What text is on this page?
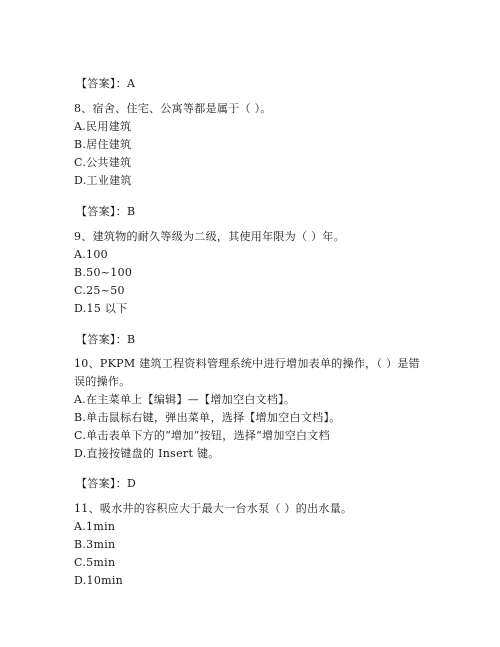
【答案】：A
8、宿舍、住宅、公寓等都是属于（ ）。
A.民用建筑
B.居住建筑
C.公共建筑
D.工业建筑
【答案】：B
9、建筑物的耐久等级为二级，其使用年限为（ ）年。
A.100
B.50~100
C.25~50
D.15 以下
【答案】：B
10、PKPM 建筑工程资料管理系统中进行增加表单的操作，（ ）是错
误的操作。
A.在主菜单上【编辑】—【增加空白文档】。
B.单击鼠标右键，弹出菜单，选择【增加空白文档】。
C.单击表单下方的“增加”按钮，选择“增加空白文档
D.直接按键盘的 Insert 键。
【答案】：D
11、吸水井的容积应大于最大一台水泵（ ）的出水量。
A.1min
B.3min
C.5min
D.10min
